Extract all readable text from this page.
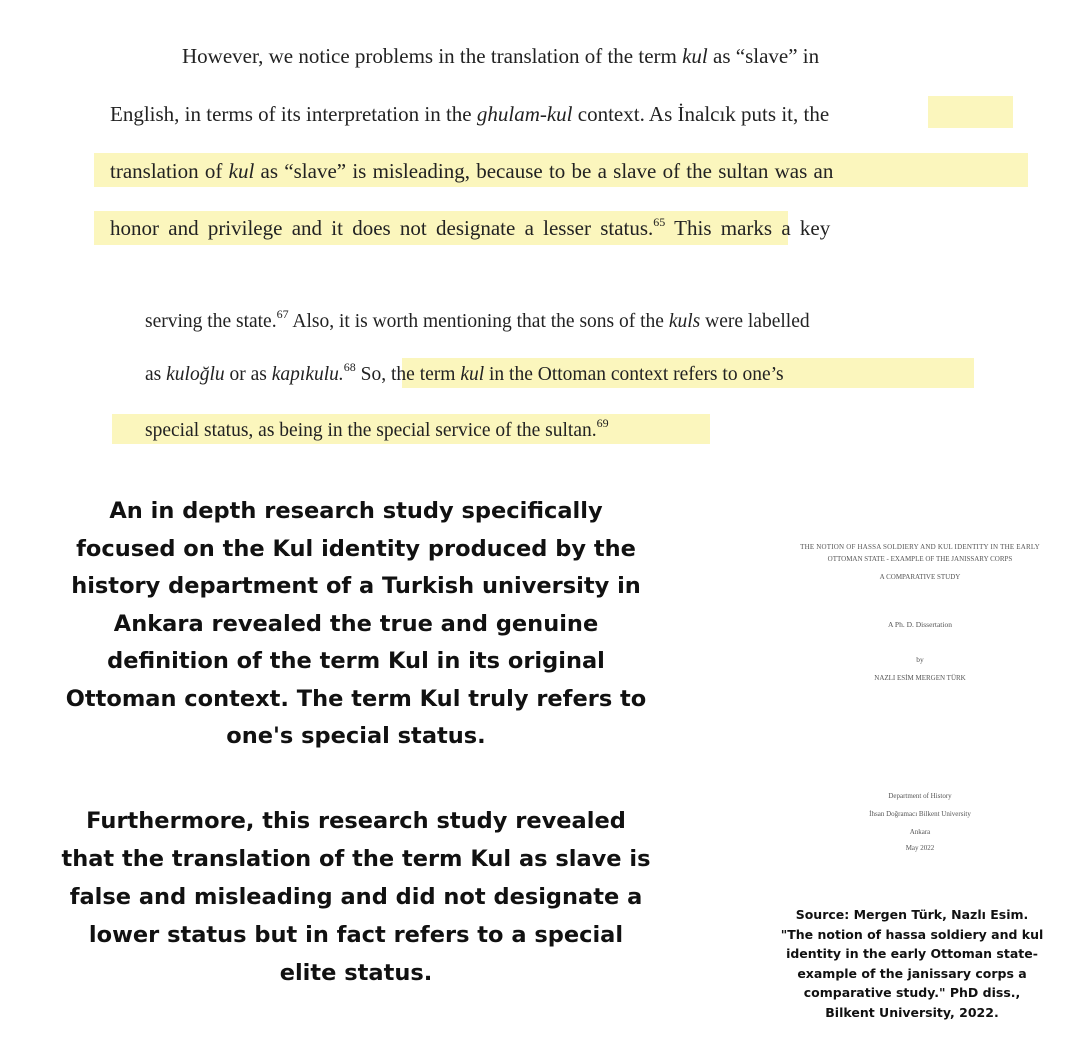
However, we notice problems in the translation of the term kul as “slave” in
English, in terms of its interpretation in the ghulam-kul context. As İnalcık puts it, the
translation of kul as “slave” is misleading, because to be a slave of the sultan was an
honor and privilege and it does not designate a lesser status.$^{65}$ This marks a key
serving the state.$^{67}$ Also, it is worth mentioning that the sons of the kuls were labelled
as kuloğlu or as kapıkulu.$^{68}$ So, the term kul in the Ottoman context refers to one’s
special status, as being in the special service of the sultan.$^{69}$
An in depth research study specifically
focused on the Kul identity produced by the
history department of a Turkish university in
Ankara revealed the true and genuine
definition of the term Kul in its original
Ottoman context. The term Kul truly refers to
one's special status.
Furthermore, this research study revealed
that the translation of the term Kul as slave is
false and misleading and did not designate a
lower status but in fact refers to a special
elite status.
THE NOTION OF HASSA SOLDIERY AND KUL IDENTITY IN THE EARLY
OTTOMAN STATE - EXAMPLE OF THE JANISSARY CORPS
A COMPARATIVE STUDY
A Ph. D. Dissertation
by
NAZLI ESİM MERGEN TÜRK
Department of History
İhsan Doğramacı Bilkent University
Ankara
May 2022
Source: Mergen Türk, Nazlı Esim.
"The notion of hassa soldiery and kul
identity in the early Ottoman state-
example of the janissary corps a
comparative study." PhD diss.,
Bilkent University, 2022.
